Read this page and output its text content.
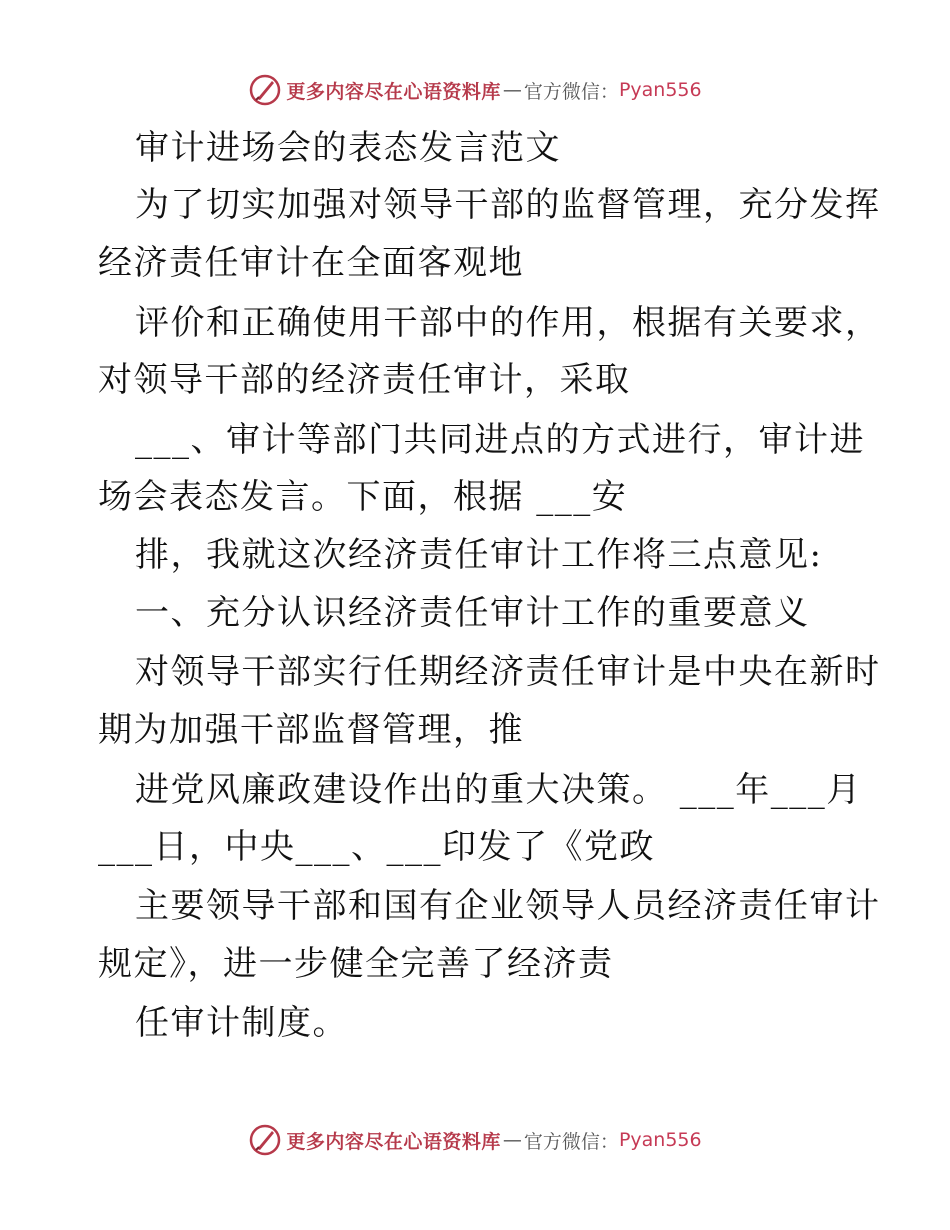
更多内容尽在心语资料库 — 官方微信： Pyan556
审计进场会的表态发言范文
为了切实加强对领导干部的监督管理，充分发挥
经济责任审计在全面客观地
评价和正确使用干部中的作用，根据有关要求，
对领导干部的经济责任审计，采取
___、审计等部门共同进点的方式进行，审计进
场会表态发言。下面，根据 ___安
排，我就这次经济责任审计工作将三点意见:
一、充分认识经济责任审计工作的重要意义
对领导干部实行任期经济责任审计是中央在新时
期为加强干部监督管理，推
进党风廉政建设作出的重大决策。 ___年___月
___日，中央___、___印发了《党政
主要领导干部和国有企业领导人员经济责任审计
规定》，进一步健全完善了经济责
任审计制度。
更多内容尽在心语资料库 — 官方微信： Pyan556
